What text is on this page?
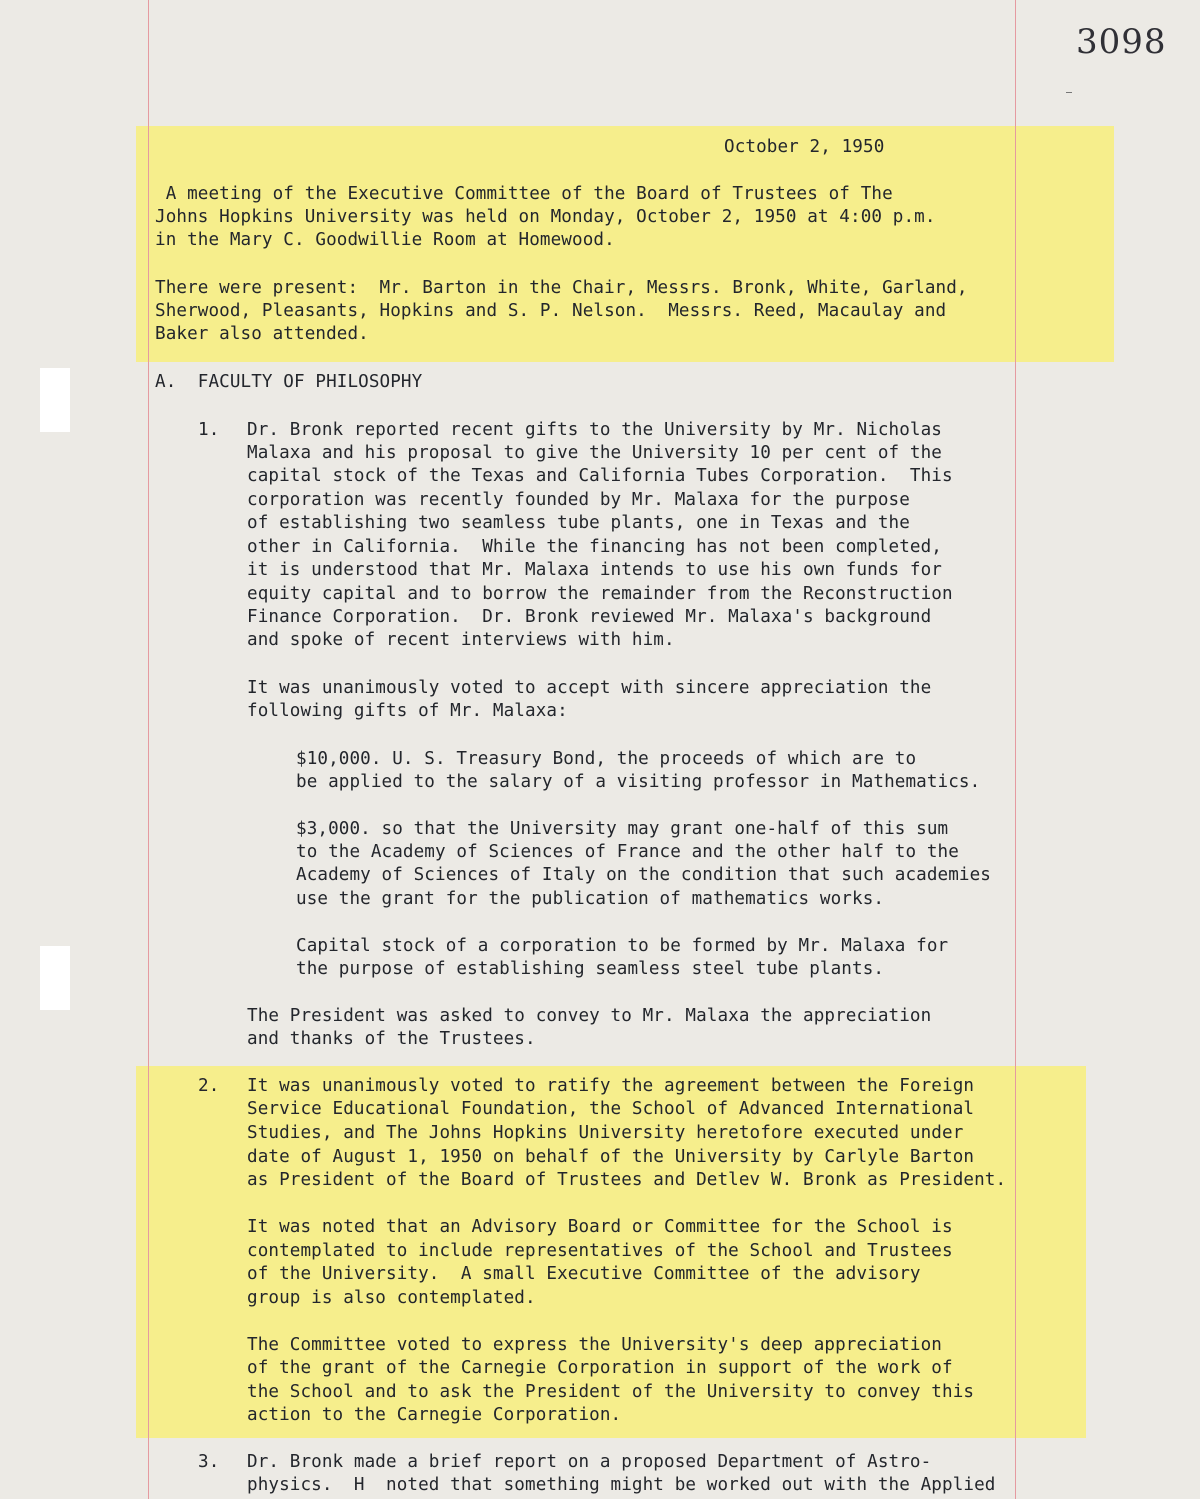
3098
October 2, 1950
A meeting of the Executive Committee of the Board of Trustees of The
Johns Hopkins University was held on Monday, October 2, 1950 at 4:00 p.m.
in the Mary C. Goodwillie Room at Homewood.
There were present:  Mr. Barton in the Chair, Messrs. Bronk, White, Garland,
Sherwood, Pleasants, Hopkins and S. P. Nelson.  Messrs. Reed, Macaulay and
Baker also attended.
A.  FACULTY OF PHILOSOPHY
1. Dr. Bronk reported recent gifts to the University by Mr. Nicholas
Malaxa and his proposal to give the University 10 per cent of the
capital stock of the Texas and California Tubes Corporation.  This
corporation was recently founded by Mr. Malaxa for the purpose
of establishing two seamless tube plants, one in Texas and the
other in California.  While the financing has not been completed,
it is understood that Mr. Malaxa intends to use his own funds for
equity capital and to borrow the remainder from the Reconstruction
Finance Corporation.  Dr. Bronk reviewed Mr. Malaxa's background
and spoke of recent interviews with him.
It was unanimously voted to accept with sincere appreciation the
following gifts of Mr. Malaxa:
$10,000. U. S. Treasury Bond, the proceeds of which are to
be applied to the salary of a visiting professor in Mathematics.
$3,000. so that the University may grant one-half of this sum
to the Academy of Sciences of France and the other half to the
Academy of Sciences of Italy on the condition that such academies
use the grant for the publication of mathematics works.
Capital stock of a corporation to be formed by Mr. Malaxa for
the purpose of establishing seamless steel tube plants.
The President was asked to convey to Mr. Malaxa the appreciation
and thanks of the Trustees.
2. It was unanimously voted to ratify the agreement between the Foreign
Service Educational Foundation, the School of Advanced International
Studies, and The Johns Hopkins University heretofore executed under
date of August 1, 1950 on behalf of the University by Carlyle Barton
as President of the Board of Trustees and Detlev W. Bronk as President.
It was noted that an Advisory Board or Committee for the School is
contemplated to include representatives of the School and Trustees
of the University.  A small Executive Committee of the advisory
group is also contemplated.
The Committee voted to express the University's deep appreciation
of the grant of the Carnegie Corporation in support of the work of
the School and to ask the President of the University to convey this
action to the Carnegie Corporation.
3. Dr. Bronk made a brief report on a proposed Department of Astro-
physics.  H  noted that something might be worked out with the Applied
